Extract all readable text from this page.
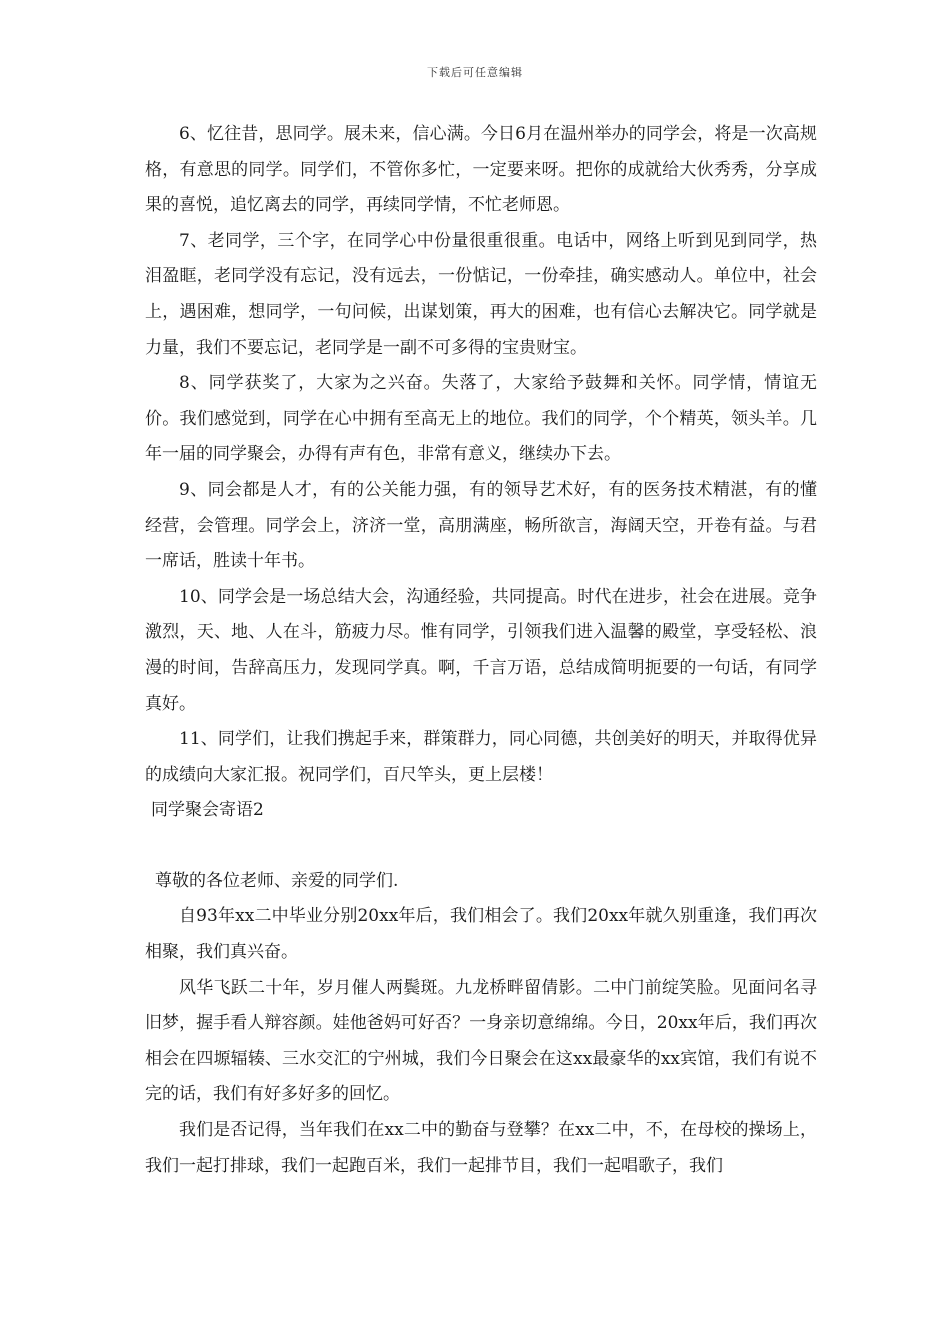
下载后可任意编辑

6、忆往昔，思同学。展未来，信心满。今日6月在温州举办的同学会，将是一次高规格，有意思的同学。同学们，不管你多忙，一定要来呀。把你的成就给大伙秀秀，分享成果的喜悦，追忆离去的同学，再续同学情，不忙老师恩。

7、老同学，三个字，在同学心中份量很重很重。电话中，网络上听到见到同学，热泪盈眶，老同学没有忘记，没有远去，一份惦记，一份牵挂，确实感动人。单位中，社会上，遇困难，想同学，一句问候，出谋划策，再大的困难，也有信心去解决它。同学就是力量，我们不要忘记，老同学是一副不可多得的宝贵财宝。

8、同学获奖了，大家为之兴奋。失落了，大家给予鼓舞和关怀。同学情，情谊无价。我们感觉到，同学在心中拥有至高无上的地位。我们的同学，个个精英，领头羊。几年一届的同学聚会，办得有声有色，非常有意义，继续办下去。

9、同会都是人才，有的公关能力强，有的领导艺术好，有的医务技术精湛，有的懂经营，会管理。同学会上，济济一堂，高朋满座，畅所欲言，海阔天空，开卷有益。与君一席话，胜读十年书。

10、同学会是一场总结大会，沟通经验，共同提高。时代在进步，社会在进展。竞争激烈，天、地、人在斗，筋疲力尽。惟有同学，引领我们进入温馨的殿堂，享受轻松、浪漫的时间，告辞高压力，发现同学真。啊，千言万语，总结成简明扼要的一句话，有同学真好。

11、同学们，让我们携起手来，群策群力，同心同德，共创美好的明天，并取得优异的成绩向大家汇报。祝同学们，百尺竿头，更上层楼！

同学聚会寄语2

尊敬的各位老师、亲爱的同学们.

自93年xx二中毕业分别20xx年后，我们相会了。我们20xx年就久别重逢，我们再次相聚，我们真兴奋。

风华飞跃二十年，岁月催人两鬓斑。九龙桥畔留倩影。二中门前绽笑脸。见面问名寻旧梦，握手看人辩容颜。娃他爸妈可好否？一身亲切意绵绵。今日，20xx年后，我们再次相会在四塬辐辏、三水交汇的宁州城，我们今日聚会在这xx最豪华的xx宾馆，我们有说不完的话，我们有好多好多的回忆。

我们是否记得，当年我们在xx二中的勤奋与登攀？在xx二中，不，在母校的操场上，我们一起打排球，我们一起跑百米，我们一起排节目，我们一起唱歌子，我们
